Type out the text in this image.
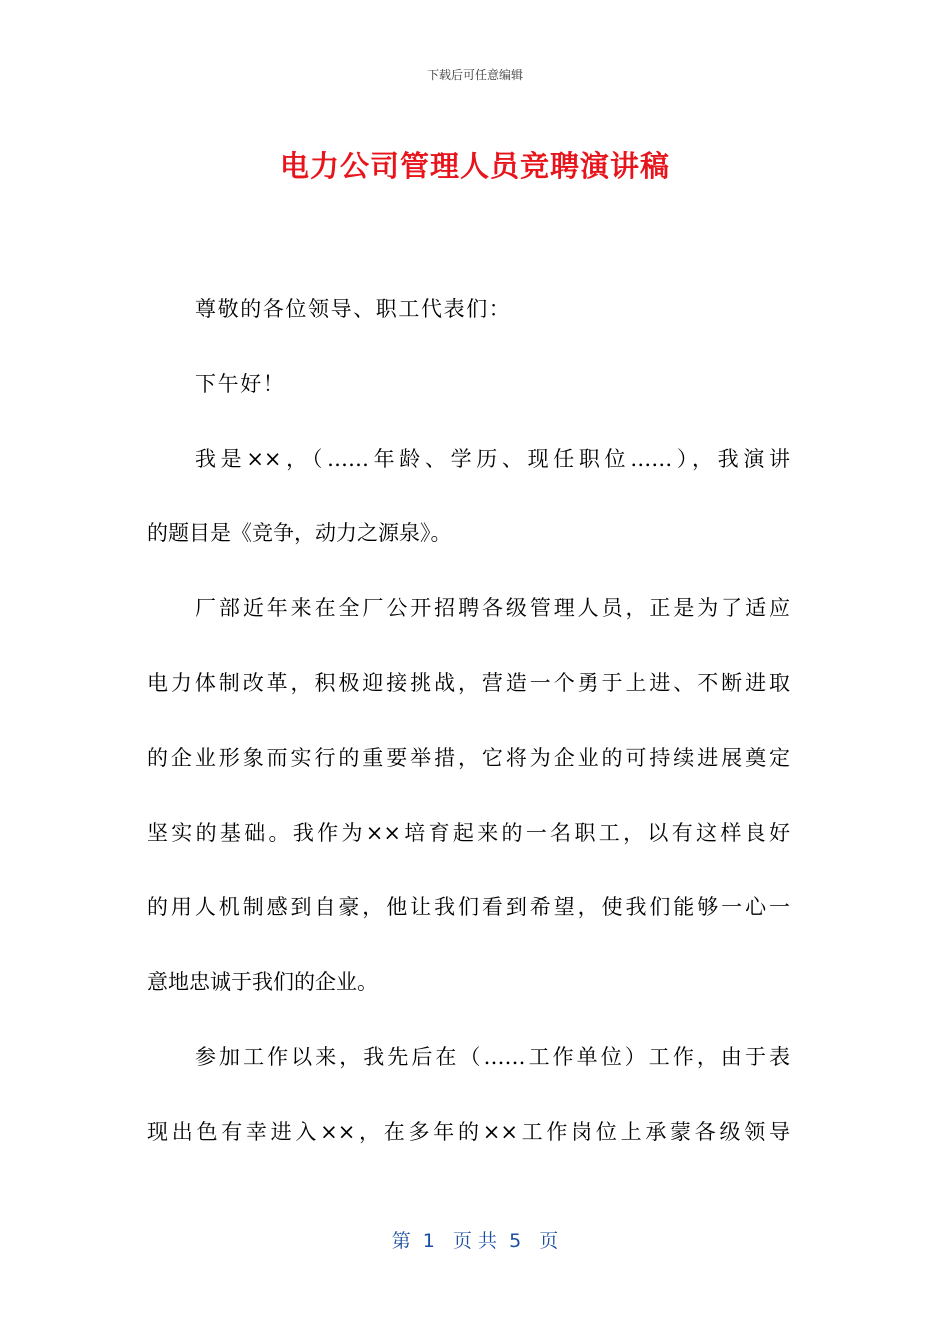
下载后可任意编辑
电力公司管理人员竞聘演讲稿
尊敬的各位领导、职工代表们：
下午好！
我是××，（……年龄、学历、现任职位……），我演讲
的题目是《竞争，动力之源泉》。
厂部近年来在全厂公开招聘各级管理人员，正是为了适应
电力体制改革，积极迎接挑战，营造一个勇于上进、不断进取
的企业形象而实行的重要举措，它将为企业的可持续进展奠定
坚实的基础。我作为××培育起来的一名职工，以有这样良好
的用人机制感到自豪，他让我们看到希望，使我们能够一心一
意地忠诚于我们的企业。
参加工作以来，我先后在（……工作单位）工作，由于表
现出色有幸进入××，在多年的××工作岗位上承蒙各级领导
第  1   页 共  5   页
